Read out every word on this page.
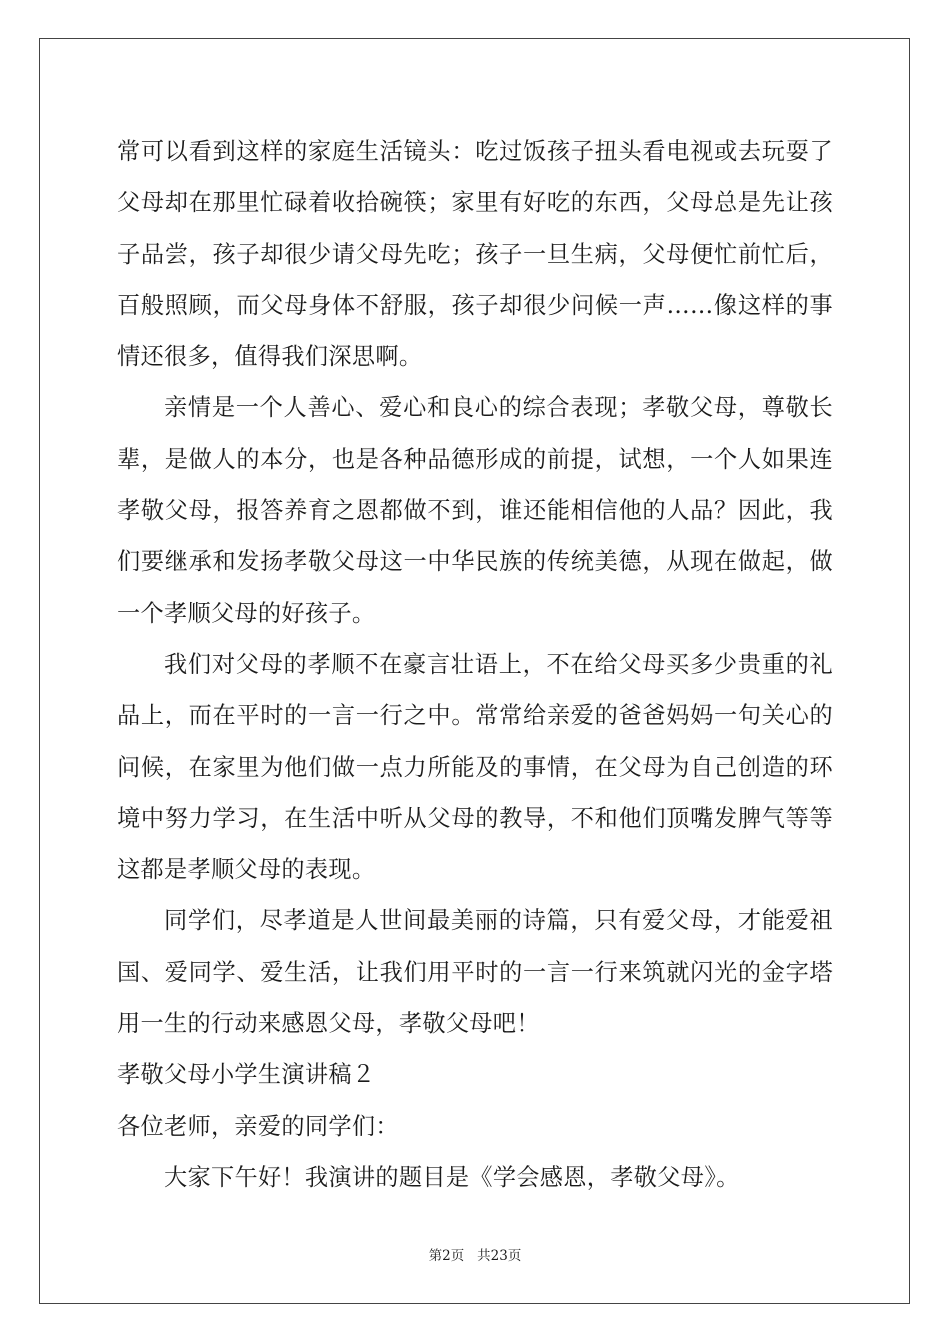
常可以看到这样的家庭生活镜头：吃过饭孩子扭头看电视或去玩耍了父母却在那里忙碌着收拾碗筷；家里有好吃的东西，父母总是先让孩子品尝，孩子却很少请父母先吃；孩子一旦生病，父母便忙前忙后，百般照顾，而父母身体不舒服，孩子却很少问候一声……像这样的事情还很多，值得我们深思啊。

亲情是一个人善心、爱心和良心的综合表现；孝敬父母，尊敬长辈，是做人的本分，也是各种品德形成的前提，试想，一个人如果连孝敬父母，报答养育之恩都做不到，谁还能相信他的人品？因此，我们要继承和发扬孝敬父母这一中华民族的传统美德，从现在做起，做一个孝顺父母的好孩子。

我们对父母的孝顺不在豪言壮语上，不在给父母买多少贵重的礼品上，而在平时的一言一行之中。常常给亲爱的爸爸妈妈一句关心的问候，在家里为他们做一点力所能及的事情，在父母为自己创造的环境中努力学习，在生活中听从父母的教导，不和他们顶嘴发脾气等等这都是孝顺父母的表现。

同学们，尽孝道是人世间最美丽的诗篇，只有爱父母，才能爱祖国、爱同学、爱生活，让我们用平时的一言一行来筑就闪光的金字塔用一生的行动来感恩父母，孝敬父母吧！

孝敬父母小学生演讲稿２

各位老师，亲爱的同学们：

大家下午好！我演讲的题目是《学会感恩，孝敬父母》。

第2页 共23页
